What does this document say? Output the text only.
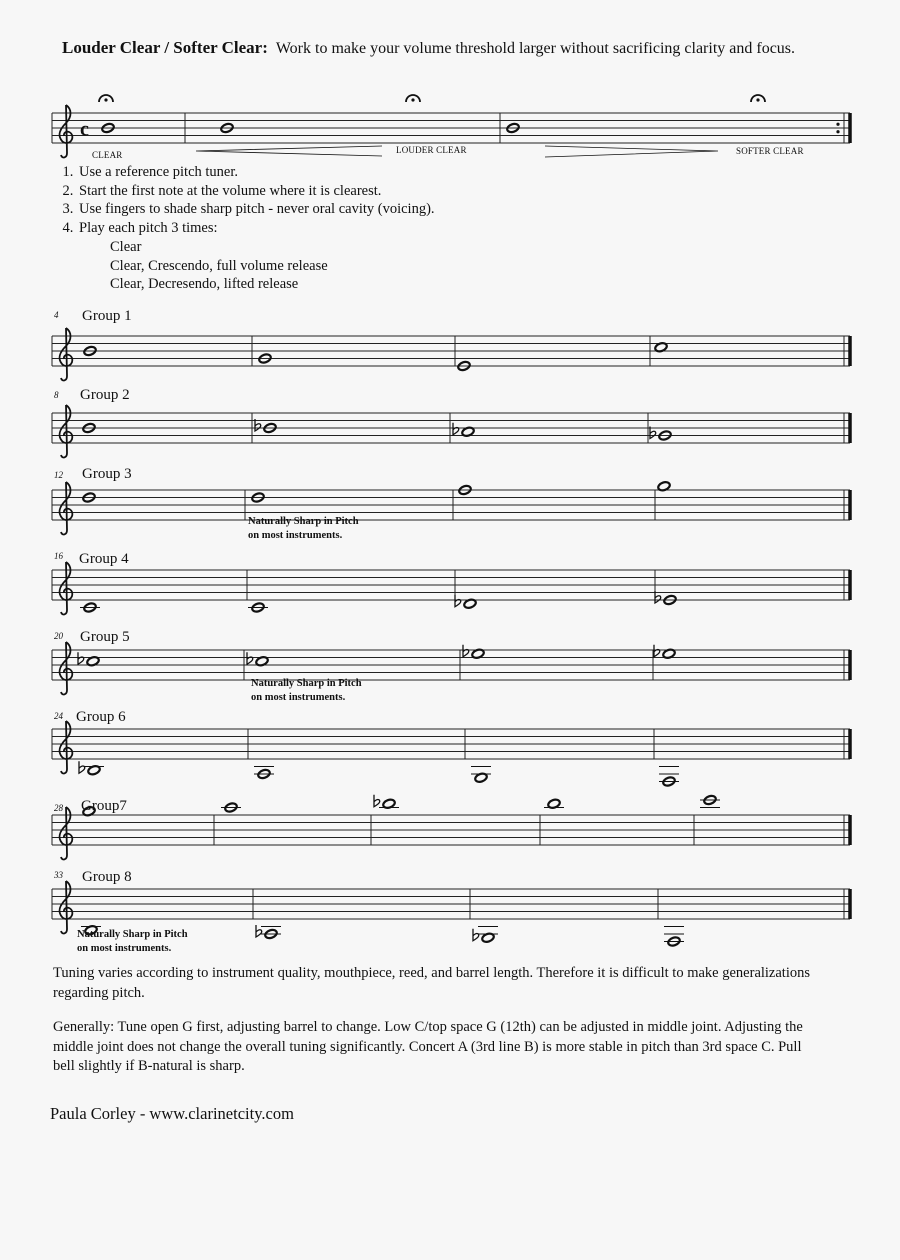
Louder Clear / Softer Clear: Work to make your volume threshold larger without sacrificing clarity and focus.
c
CLEAR	LOUDER CLEAR	SOFTER CLEAR
1. Use a reference pitch tuner.
2. Start the first note at the volume where it is clearest.
3. Use fingers to shade sharp pitch - never oral cavity (voicing).
4. Play each pitch 3 times:
Clear
Clear, Crescendo, full volume release
Clear, Decresendo, lifted release
4 Group 1
8 Group 2
12 Group 3
Naturally Sharp in Pitch
on most instruments.
16 Group 4
20 Group 5
Naturally Sharp in Pitch
on most instruments.
24 Group 6
28 Group7
33 Group 8
Naturally Sharp in Pitch
on most instruments.
Tuning varies according to instrument quality, mouthpiece, reed, and barrel length. Therefore it is difficult to make generalizations regarding pitch.
Generally: Tune open G first, adjusting barrel to change. Low C/top space G (12th) can be adjusted in middle joint. Adjusting the middle joint does not change the overall tuning significantly. Concert A (3rd line B) is more stable in pitch than 3rd space C. Pull bell slightly if B-natural is sharp.
Paula Corley - www.clarinetcity.com
